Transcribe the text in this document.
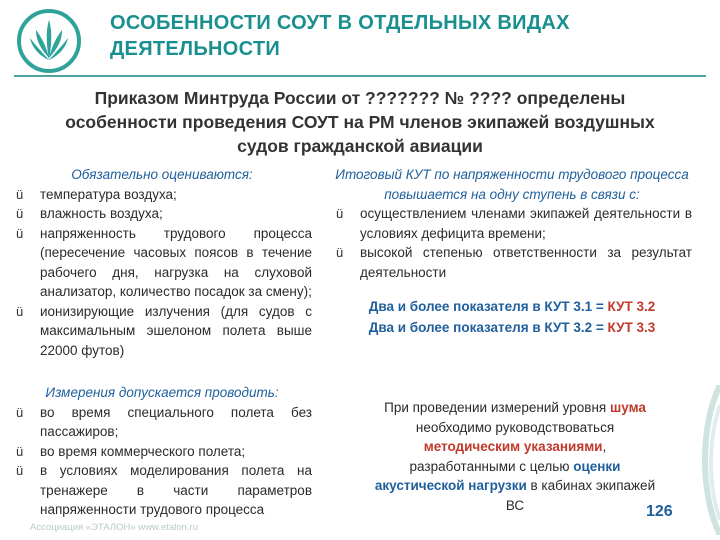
ОСОБЕННОСТИ СОУТ В ОТДЕЛЬНЫХ ВИДАХ
ДЕЯТЕЛЬНОСТИ
Приказом Минтруда России от ??????? № ???? определены
особенности проведения СОУТ на РМ членов экипажей воздушных
судов гражданской авиации
Обязательно оцениваются:
ü температура воздуха;
ü влажность воздуха;
ü напряженность трудового процесса (пересечение часовых поясов в течение рабочего дня, нагрузка на слуховой анализатор, количество посадок за смену);
ü ионизирующие излучения (для судов с максимальным эшелоном полета выше 22000 футов)
Итоговый КУТ по напряженности трудового процесса повышается на одну ступень в связи с:
ü осуществлением членами экипажей деятельности в условиях дефицита времени;
ü высокой степенью ответственности за результат деятельности
Два и более показателя в КУТ 3.1 = КУТ 3.2
Два и более показателя в КУТ 3.2 = КУТ 3.3
Измерения допускается проводить:
ü во время специального полета без пассажиров;
ü во время коммерческого полета;
ü в условиях моделирования полета на тренажере в части параметров напряженности трудового процесса
При проведении измерений уровня шума необходимо руководствоваться методическим указаниями, разработанными с целью оценки акустической нагрузки в кабинах экипажей ВС
Ассоциация «ЭТАЛОН» www.etalon.ru
126
